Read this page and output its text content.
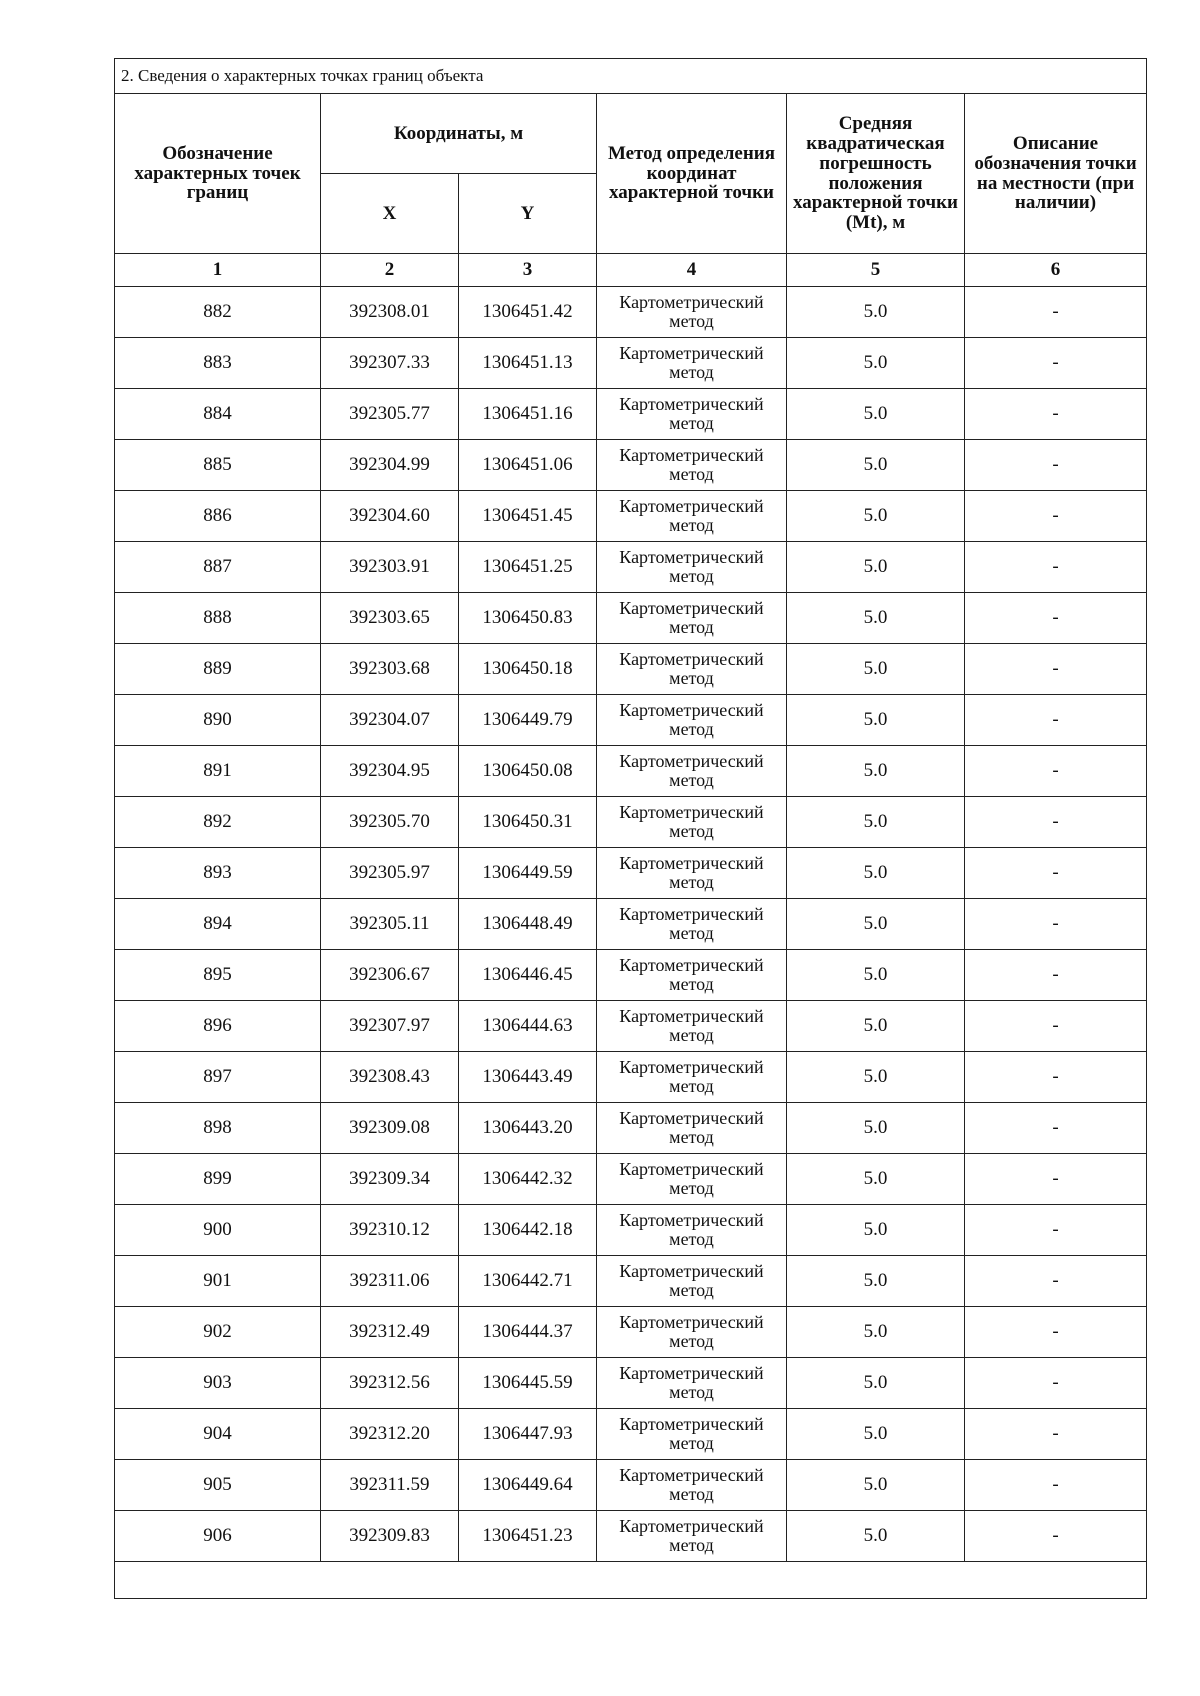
2. Сведения о характерных точках границ объекта					
Обозначение характерных точек границ	Координаты, м		Метод определения координат характерной точки	Средняя квадратическая погрешность положения характерной точки (Mt), м	Описание обозначения точки на местности (при наличии)
	X	Y			
1	2	3	4	5	6
882	392308.01	1306451.42	Картометрический метод	5.0	-
883	392307.33	1306451.13	Картометрический метод	5.0	-
884	392305.77	1306451.16	Картометрический метод	5.0	-
885	392304.99	1306451.06	Картометрический метод	5.0	-
886	392304.60	1306451.45	Картометрический метод	5.0	-
887	392303.91	1306451.25	Картометрический метод	5.0	-
888	392303.65	1306450.83	Картометрический метод	5.0	-
889	392303.68	1306450.18	Картометрический метод	5.0	-
890	392304.07	1306449.79	Картометрический метод	5.0	-
891	392304.95	1306450.08	Картометрический метод	5.0	-
892	392305.70	1306450.31	Картометрический метод	5.0	-
893	392305.97	1306449.59	Картометрический метод	5.0	-
894	392305.11	1306448.49	Картометрический метод	5.0	-
895	392306.67	1306446.45	Картометрический метод	5.0	-
896	392307.97	1306444.63	Картометрический метод	5.0	-
897	392308.43	1306443.49	Картометрический метод	5.0	-
898	392309.08	1306443.20	Картометрический метод	5.0	-
899	392309.34	1306442.32	Картометрический метод	5.0	-
900	392310.12	1306442.18	Картометрический метод	5.0	-
901	392311.06	1306442.71	Картометрический метод	5.0	-
902	392312.49	1306444.37	Картометрический метод	5.0	-
903	392312.56	1306445.59	Картометрический метод	5.0	-
904	392312.20	1306447.93	Картометрический метод	5.0	-
905	392311.59	1306449.64	Картометрический метод	5.0	-
906	392309.83	1306451.23	Картометрический метод	5.0	-
